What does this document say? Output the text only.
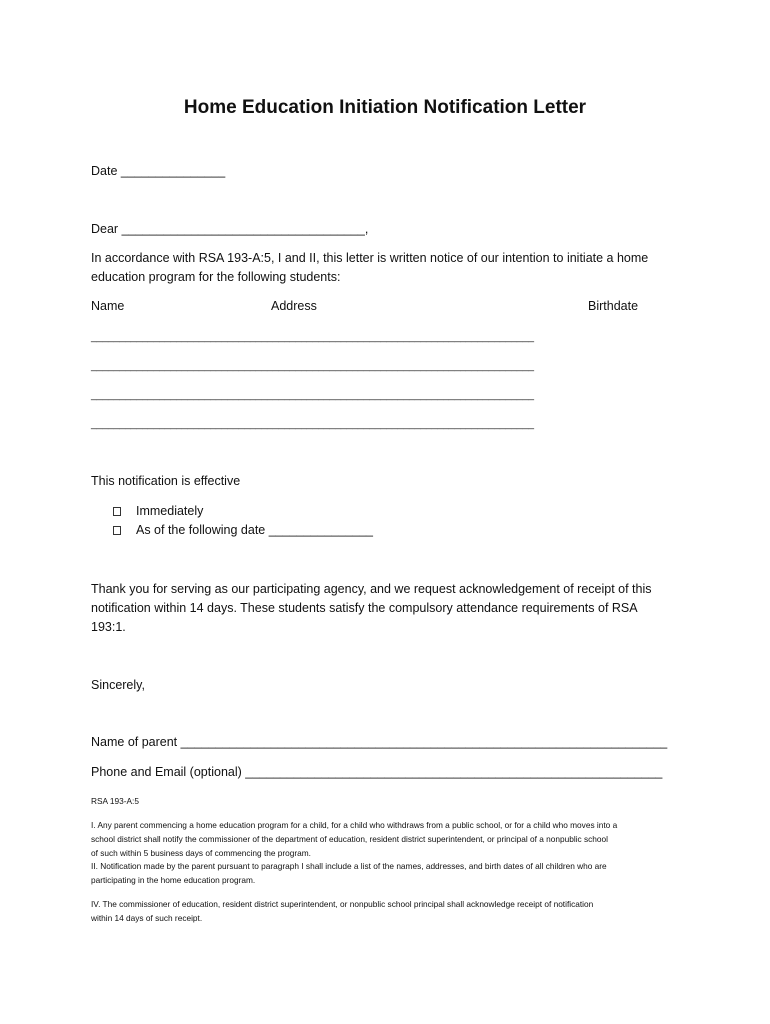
Home Education Initiation Notification Letter
Date _______________
Dear ___________________________________,
In accordance with RSA 193-A:5, I and II, this letter is written notice of our intention to initiate a home
education program for the following students:
Name	Address	Birthdate
______________________________________________________________________________
______________________________________________________________________________
______________________________________________________________________________
______________________________________________________________________________
This notification is effective
Immediately
As of the following date _______________
Thank you for serving as our participating agency, and we request acknowledgement of receipt of this
notification within 14 days. These students satisfy the compulsory attendance requirements of RSA
193:1.
Sincerely,
Name of parent ______________________________________________________________________
Phone and Email (optional) ____________________________________________________________
RSA 193-A:5
I. Any parent commencing a home education program for a child, for a child who withdraws from a public school, or for a child who moves into a
school district shall notify the commissioner of the department of education, resident district superintendent, or principal of a nonpublic school
of such within 5 business days of commencing the program.
II. Notification made by the parent pursuant to paragraph I shall include a list of the names, addresses, and birth dates of all children who are
participating in the home education program.
IV. The commissioner of education, resident district superintendent, or nonpublic school principal shall acknowledge receipt of notification
within 14 days of such receipt.
